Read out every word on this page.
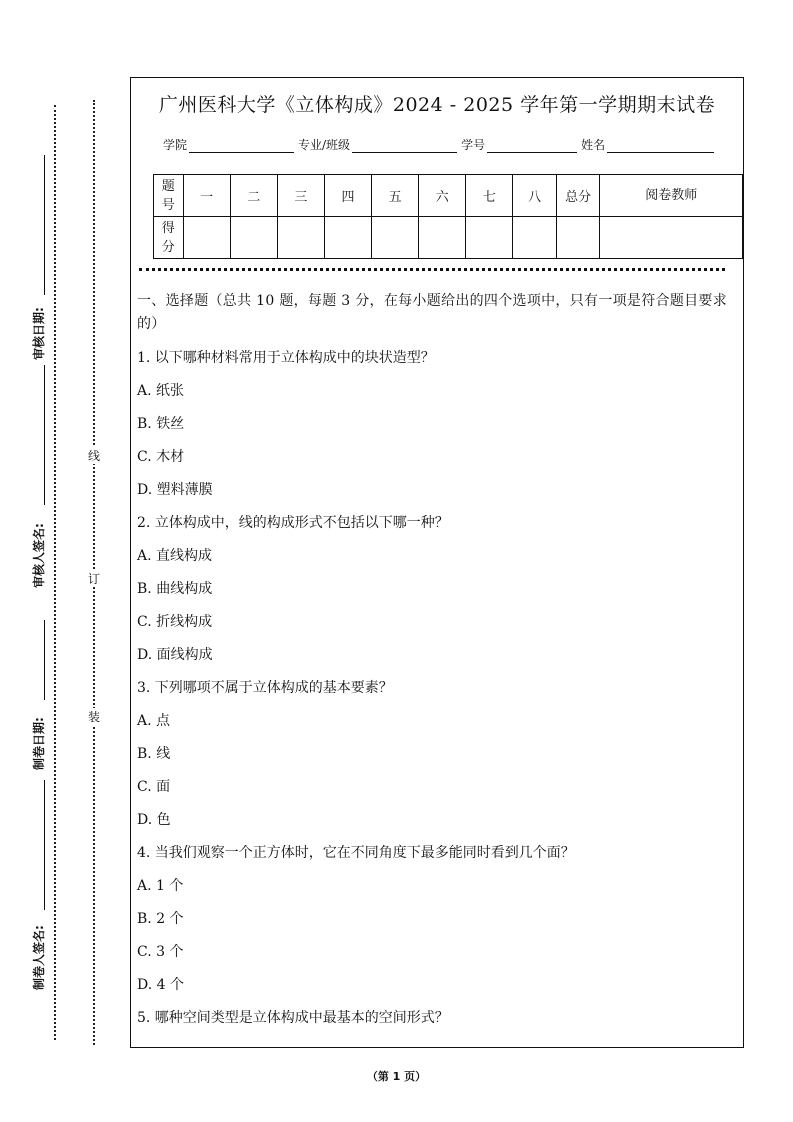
审核日期:
审核人签名:
制卷日期:
制卷人签名:
线
订
装
广州医科大学《立体构成》2024 - 2025 学年第一学期期末试卷
学院	专业/班级	学号	姓名
题号	一	二	三	四	五	六	七	八	总分	阅卷教师
得分										
一、选择题（总共 10 题，每题 3 分，在每小题给出的四个选项中，只有一项是符合题目要求的）
1. 以下哪种材料常用于立体构成中的块状造型？
A. 纸张
B. 铁丝
C. 木材
D. 塑料薄膜
2. 立体构成中，线的构成形式不包括以下哪一种？
A. 直线构成
B. 曲线构成
C. 折线构成
D. 面线构成
3. 下列哪项不属于立体构成的基本要素？
A. 点
B. 线
C. 面
D. 色
4. 当我们观察一个正方体时，它在不同角度下最多能同时看到几个面？
A. 1 个
B. 2 个
C. 3 个
D. 4 个
5. 哪种空间类型是立体构成中最基本的空间形式？
（第 1 页）
